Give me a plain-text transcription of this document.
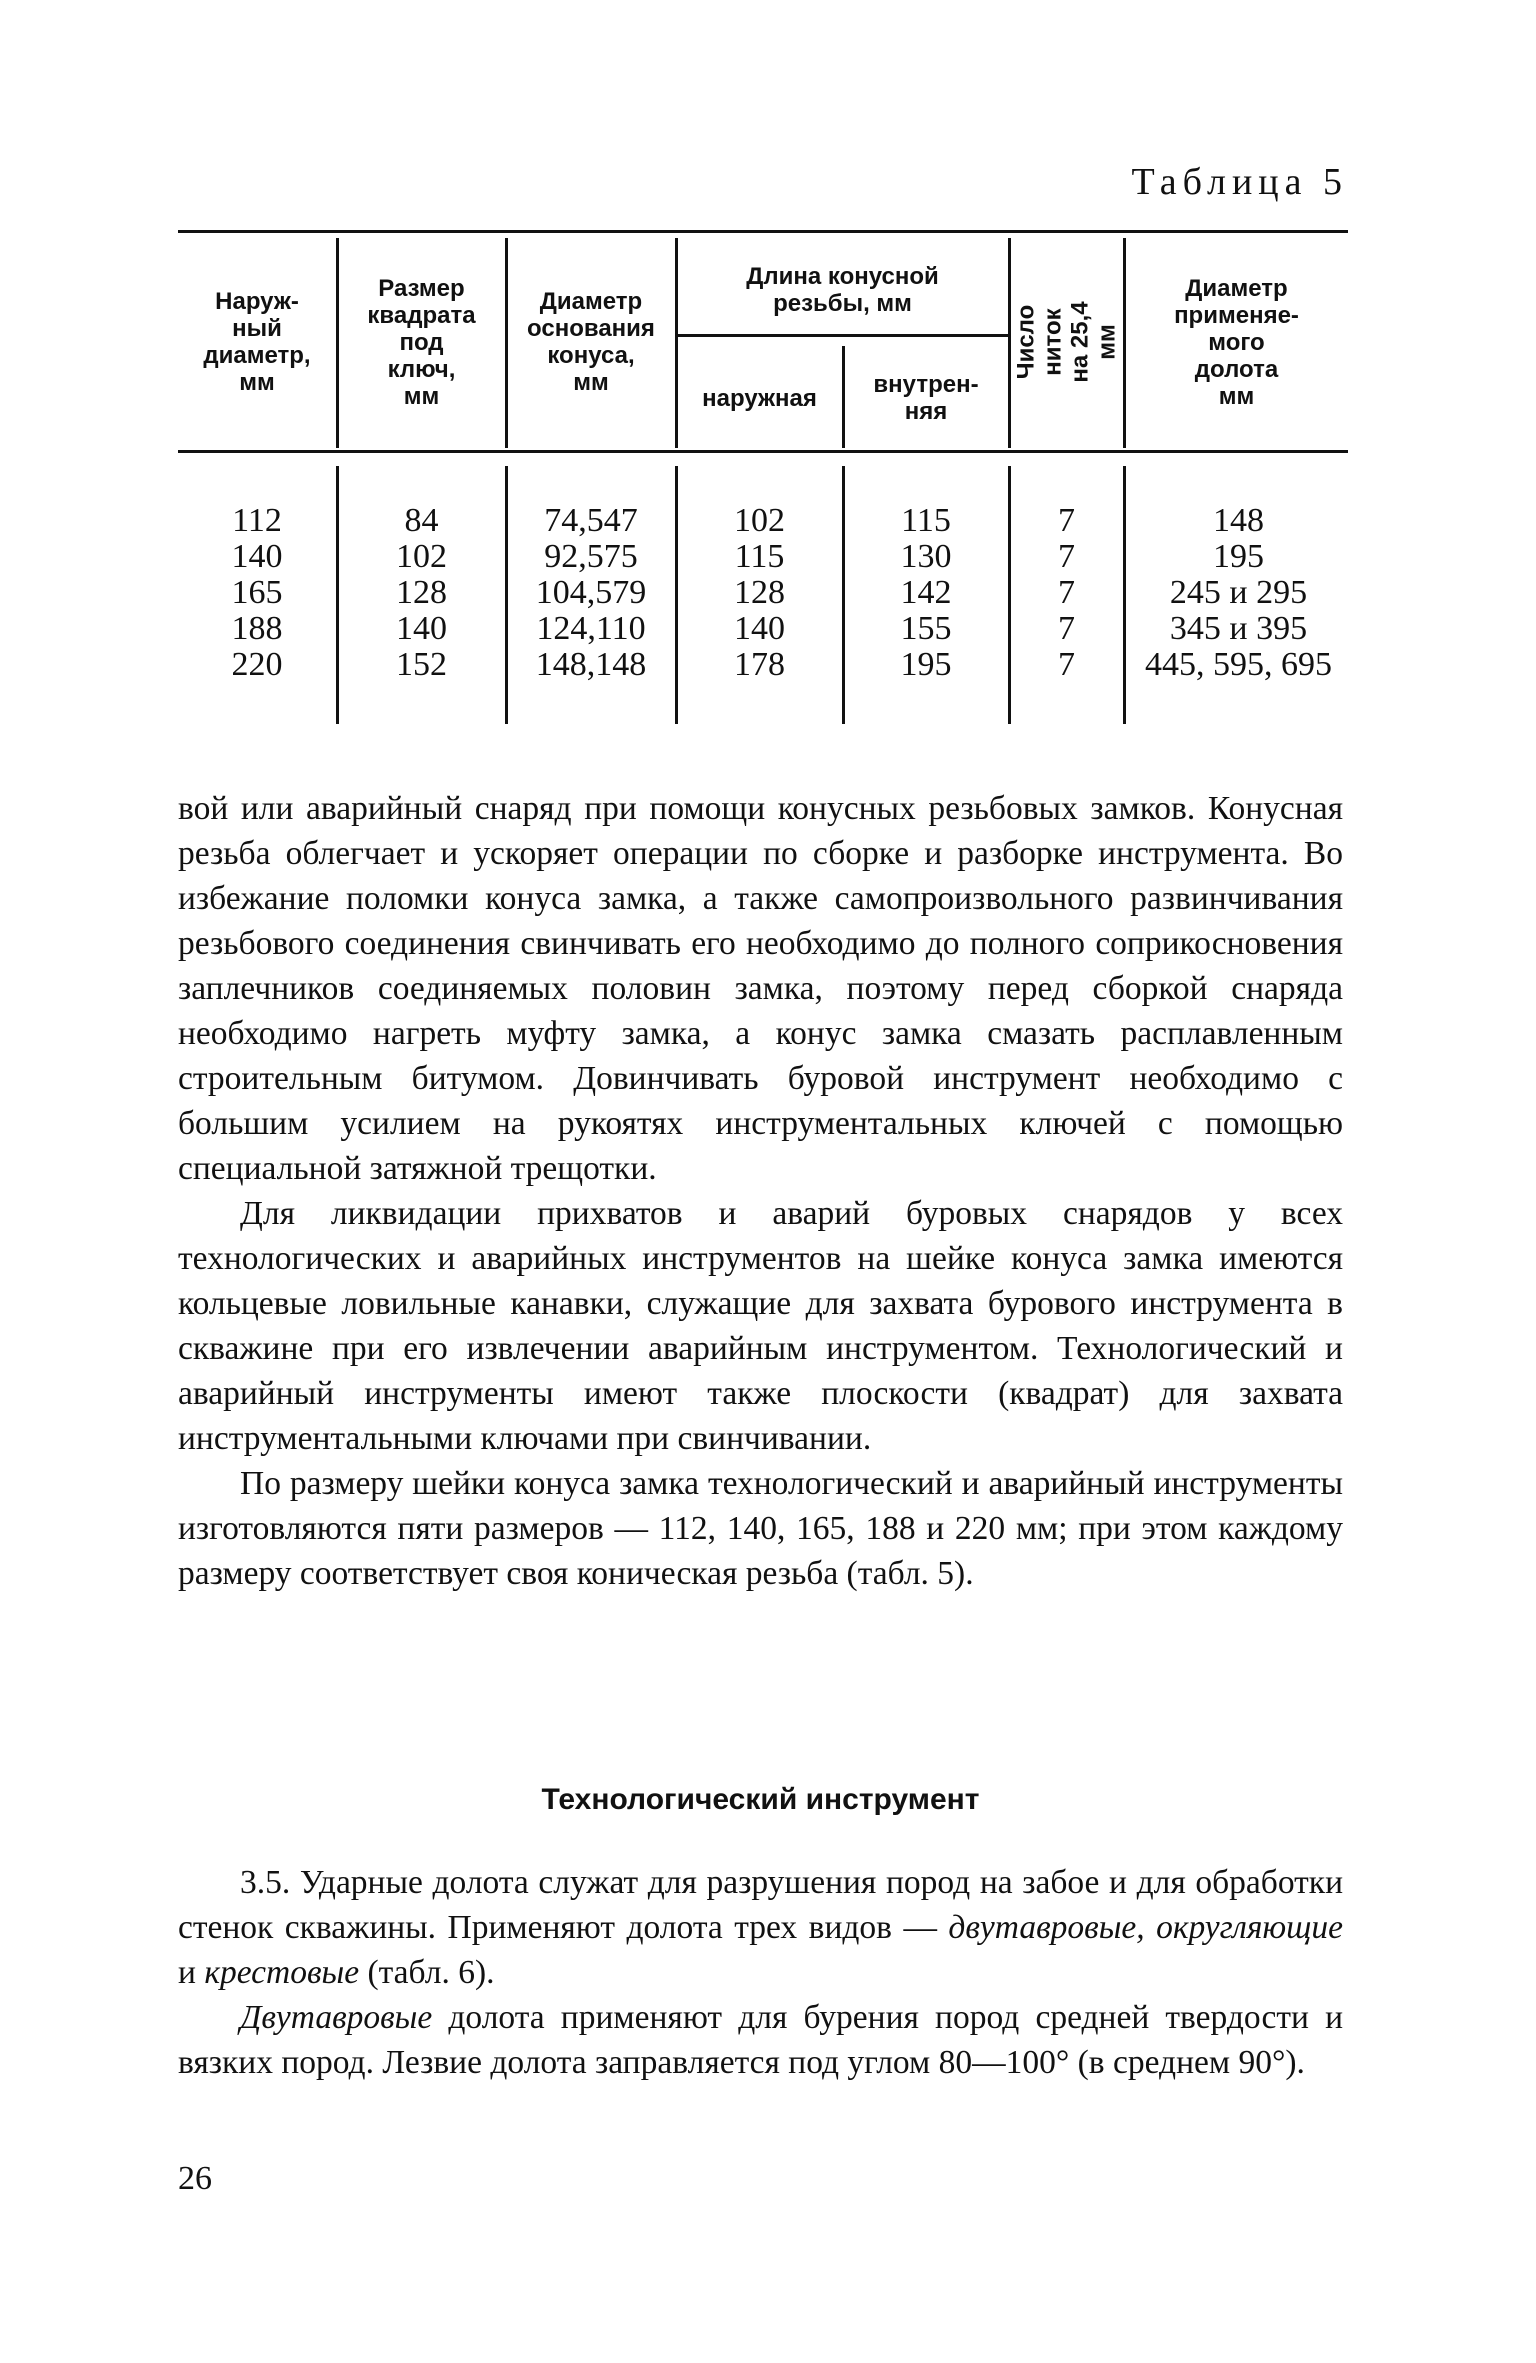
Таблица 5
Наруж-
ный
диаметр,
мм
Размер
квадрата
под
ключ,
мм
Диаметр
основания
конуса,
мм
Длина конусной
резьбы, мм
наружная	внутрен-
няя
Число ниток
на 25,4 мм
Диаметр
применяе-
мого
долота
мм
112
140
165
188
220
84
102
128
140
152
74,547
92,575
104,579
124,110
148,148
102
115
128
140
178
115
130
142
155
195
7
7
7
7
7
148
195
245 и 295
345 и 395
445, 595, 695

вой или аварийный снаряд при помощи конусных резьбовых замков. Конусная резьба облегчает и ускоряет операции по сборке и разборке инструмента. Во избежание поломки конуса замка, а также самопроизвольного развинчивания резьбового соединения свинчивать его необходимо до полного соприкосновения заплечников соединяемых половин замка, поэтому перед сборкой снаряда необходимо нагреть муфту замка, а конус замка смазать расплавленным строительным битумом. Довинчивать буровой инструмент необходимо с большим усилием на рукоятях инструментальных ключей с помощью специальной затяжной трещотки.

Для ликвидации прихватов и аварий буровых снарядов у всех технологических и аварийных инструментов на шейке конуса замка имеются кольцевые ловильные канавки, служащие для захвата бурового инструмента в скважине при его извлечении аварийным инструментом. Технологический и аварийный инструменты имеют также плоскости (квадрат) для захвата инструментальными ключами при свинчивании.

По размеру шейки конуса замка технологический и аварийный инструменты изготовляются пяти размеров — 112, 140, 165, 188 и 220 мм; при этом каждому размеру соответствует своя коническая резьба (табл. 5).

Технологический инструмент

3.5. Ударные долота служат для разрушения пород на забое и для обработки стенок скважины. Применяют долота трех видов — двутавровые, округляющие и крестовые (табл. 6).

Двутавровые долота применяют для бурения пород средней твердости и вязких пород. Лезвие долота заправляется под углом 80—100° (в среднем 90°).

26
